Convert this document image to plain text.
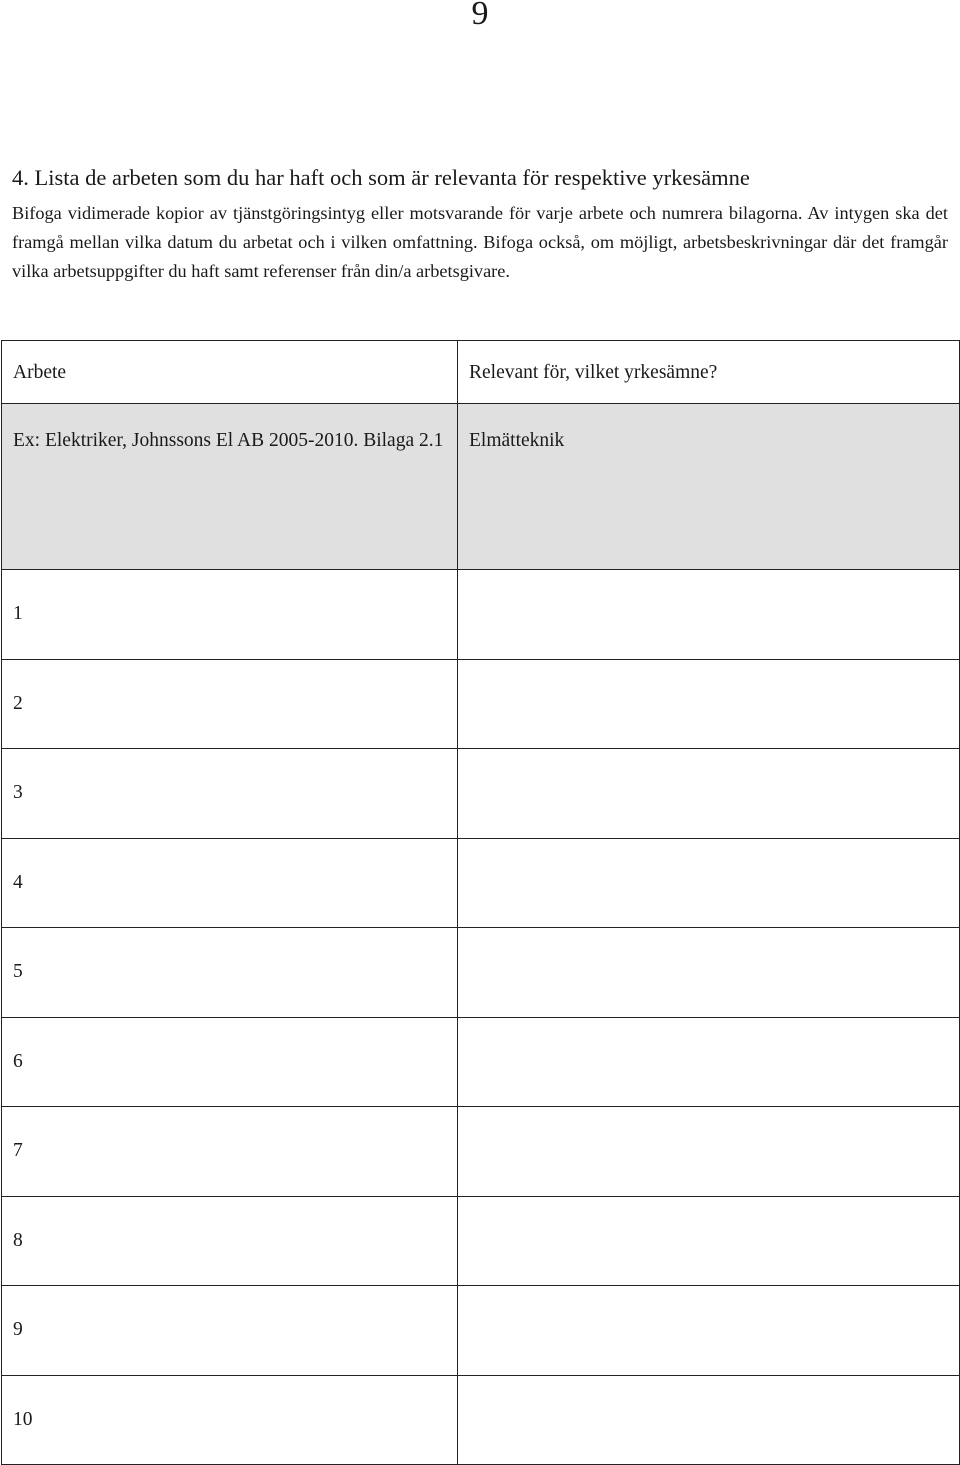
9
4. Lista de arbeten som du har haft och som är relevanta för respektive yrkesämne
Bifoga vidimerade kopior av tjänstgöringsintyg eller motsvarande för varje arbete och numrera bilagorna. Av intygen ska det framgå mellan vilka datum du arbetat och i vilken omfattning. Bifoga också, om möjligt, arbetsbeskrivningar där det framgår vilka arbetsuppgifter du haft samt referenser från din/a arbetsgivare.
Arbete	Relevant för, vilket yrkesämne?
Ex: Elektriker, Johnssons El AB 2005-2010. Bilaga 2.1	Elmätteknik
1	
2	
3	
4	
5	
6	
7	
8	
9	
10	
